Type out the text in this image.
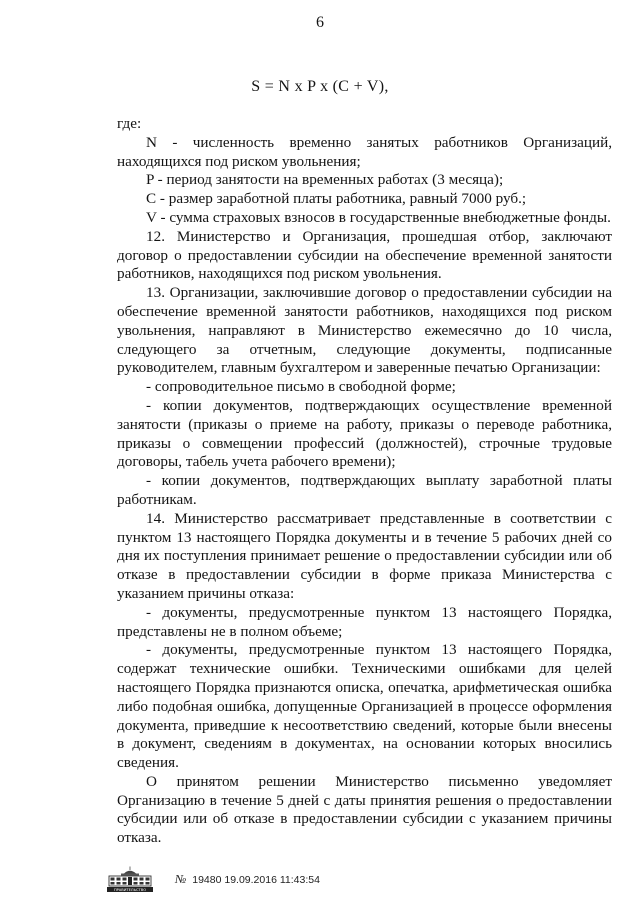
6
S = N x P x (C + V),

где:

N - численность временно занятых работников Организаций, находящихся под риском увольнения;

P - период занятости на временных работах (3 месяца);

C - размер заработной платы работника, равный 7000 руб.;

V - сумма страховых взносов в государственные внебюджетные фонды.

12. Министерство и Организация, прошедшая отбор, заключают договор о предоставлении субсидии на обеспечение временной занятости работников, находящихся под риском увольнения.

13. Организации, заключившие договор о предоставлении субсидии на обеспечение временной занятости работников, находящихся под риском увольнения, направляют в Министерство ежемесячно до 10 числа, следующего за отчетным, следующие документы, подписанные руководителем, главным бухгалтером и заверенные печатью Организации:

- сопроводительное письмо в свободной форме;

- копии документов, подтверждающих осуществление временной занятости (приказы о приеме на работу, приказы о переводе работника, приказы о совмещении профессий (должностей), строчные трудовые договоры, табель учета рабочего времени);

- копии документов, подтверждающих выплату заработной платы работникам.

14. Министерство рассматривает представленные в соответствии с пунктом 13 настоящего Порядка документы и в течение 5 рабочих дней со дня их поступления принимает решение о предоставлении субсидии или об отказе в предоставлении субсидии в форме приказа Министерства с указанием причины отказа:

- документы, предусмотренные пунктом 13 настоящего Порядка, представлены не в полном объеме;

- документы, предусмотренные пунктом 13 настоящего Порядка, содержат технические ошибки. Техническими ошибками для целей настоящего Порядка признаются описка, опечатка, арифметическая ошибка либо подобная ошибка, допущенные Организацией в процессе оформления документа, приведшие к несоответствию сведений, которые были внесены в документ, сведениям в документах, на основании которых вносились сведения.

О принятом решении Министерство письменно уведомляет Организацию в течение 5 дней с даты принятия решения о предоставлении субсидии или об отказе в предоставлении субсидии с указанием причины отказа.

ПРАВИТЕЛЬСТВО
№ 19480 19.09.2016 11:43:54
